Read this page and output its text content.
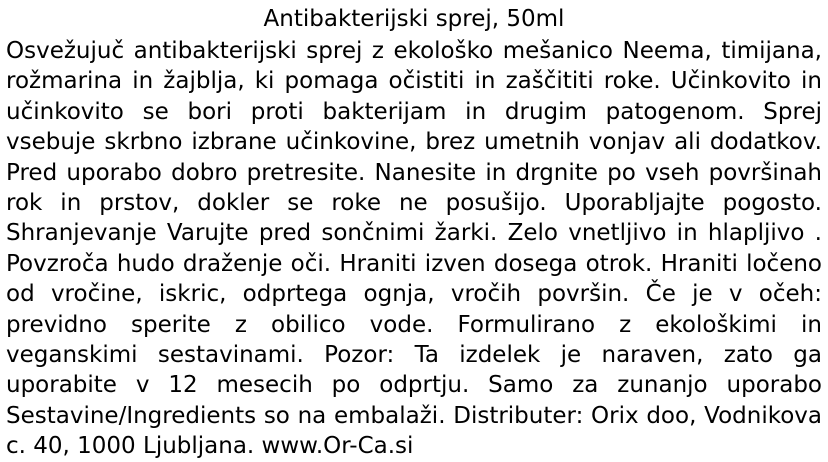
Antibakterijski sprej, 50ml
Osvežujuč antibakterijski sprej z ekološko mešanico Neema, timijana, rožmarina in žajblja, ki pomaga očistiti in zaščititi roke. Učinkovito in učinkovito se bori proti bakterijam in drugim patogenom. Sprej vsebuje skrbno izbrane učinkovine, brez umetnih vonjav ali dodatkov. Pred uporabo dobro pretresite. Nanesite in drgnite po vseh površinah rok in prstov, dokler se roke ne posušijo. Uporabljajte pogosto. Shranjevanje Varujte pred sončnimi žarki. Zelo vnetljivo in hlapljivo . Povzroča hudo draženje oči. Hraniti izven dosega otrok. Hraniti ločeno od vročine, iskric, odprtega ognja, vročih površin. Če je v očeh: previdno sperite z obilico vode. Formulirano z ekološkimi in veganskimi sestavinami. Pozor: Ta izdelek je naraven, zato ga uporabite v 12 mesecih po odprtju. Samo za zunanjo uporabo Sestavine/Ingredients so na embalaži. Distributer: Orix doo, Vodnikova c. 40, 1000 Ljubljana. www.Or-Ca.si
